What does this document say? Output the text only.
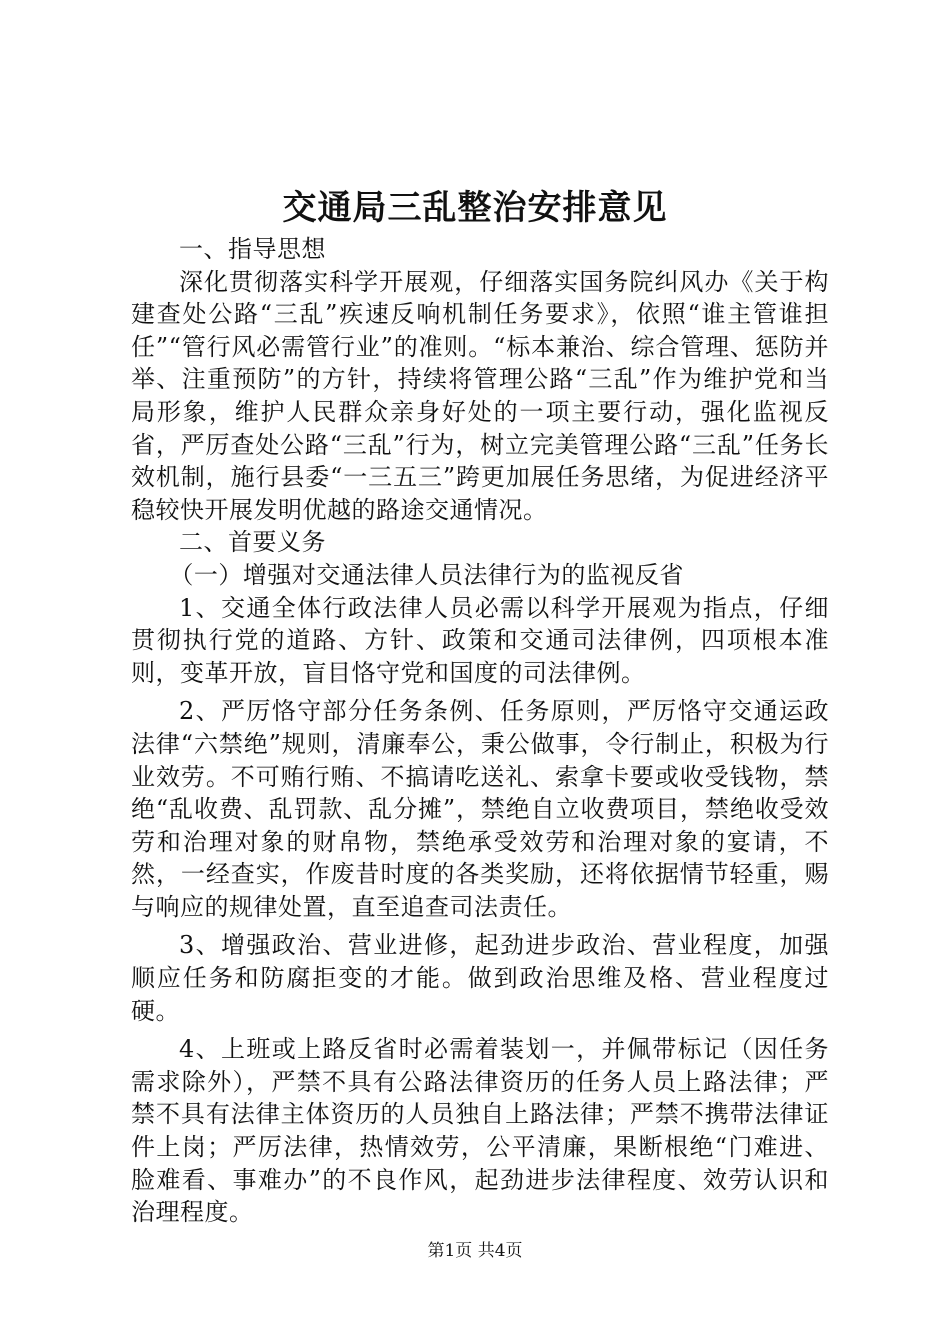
交通局三乱整治安排意见

一、指导思想

深化贯彻落实科学开展观，仔细落实国务院纠风办《关于构建查处公路“三乱”疾速反响机制任务要求》，依照“谁主管谁担任”“管行风必需管行业”的准则。“标本兼治、综合管理、惩防并举、注重预防”的方针，持续将管理公路“三乱”作为维护党和当局形象，维护人民群众亲身好处的一项主要行动，强化监视反省，严厉查处公路“三乱”行为，树立完美管理公路“三乱”任务长效机制，施行县委“一三五三”跨更加展任务思绪，为促进经济平稳较快开展发明优越的路途交通情况。

二、首要义务

（一）增强对交通法律人员法律行为的监视反省

1、交通全体行政法律人员必需以科学开展观为指点，仔细贯彻执行党的道路、方针、政策和交通司法律例，四项根本准则，变革开放，盲目恪守党和国度的司法律例。

2、严厉恪守部分任务条例、任务原则，严厉恪守交通运政法律“六禁绝”规则，清廉奉公，秉公做事，令行制止，积极为行业效劳。不可贿行贿、不搞请吃送礼、索拿卡要或收受钱物，禁绝“乱收费、乱罚款、乱分摊”，禁绝自立收费项目，禁绝收受效劳和治理对象的财帛物，禁绝承受效劳和治理对象的宴请，不然，一经查实，作废昔时度的各类奖励，还将依据情节轻重，赐与响应的规律处置，直至追查司法责任。

3、增强政治、营业进修，起劲进步政治、营业程度，加强顺应任务和防腐拒变的才能。做到政治思维及格、营业程度过硬。

4、上班或上路反省时必需着装划一，并佩带标记（因任务需求除外），严禁不具有公路法律资历的任务人员上路法律；严禁不具有法律主体资历的人员独自上路法律；严禁不携带法律证件上岗；严厉法律，热情效劳，公平清廉，果断根绝“门难进、脸难看、事难办”的不良作风，起劲进步法律程度、效劳认识和治理程度。

第1页 共4页
